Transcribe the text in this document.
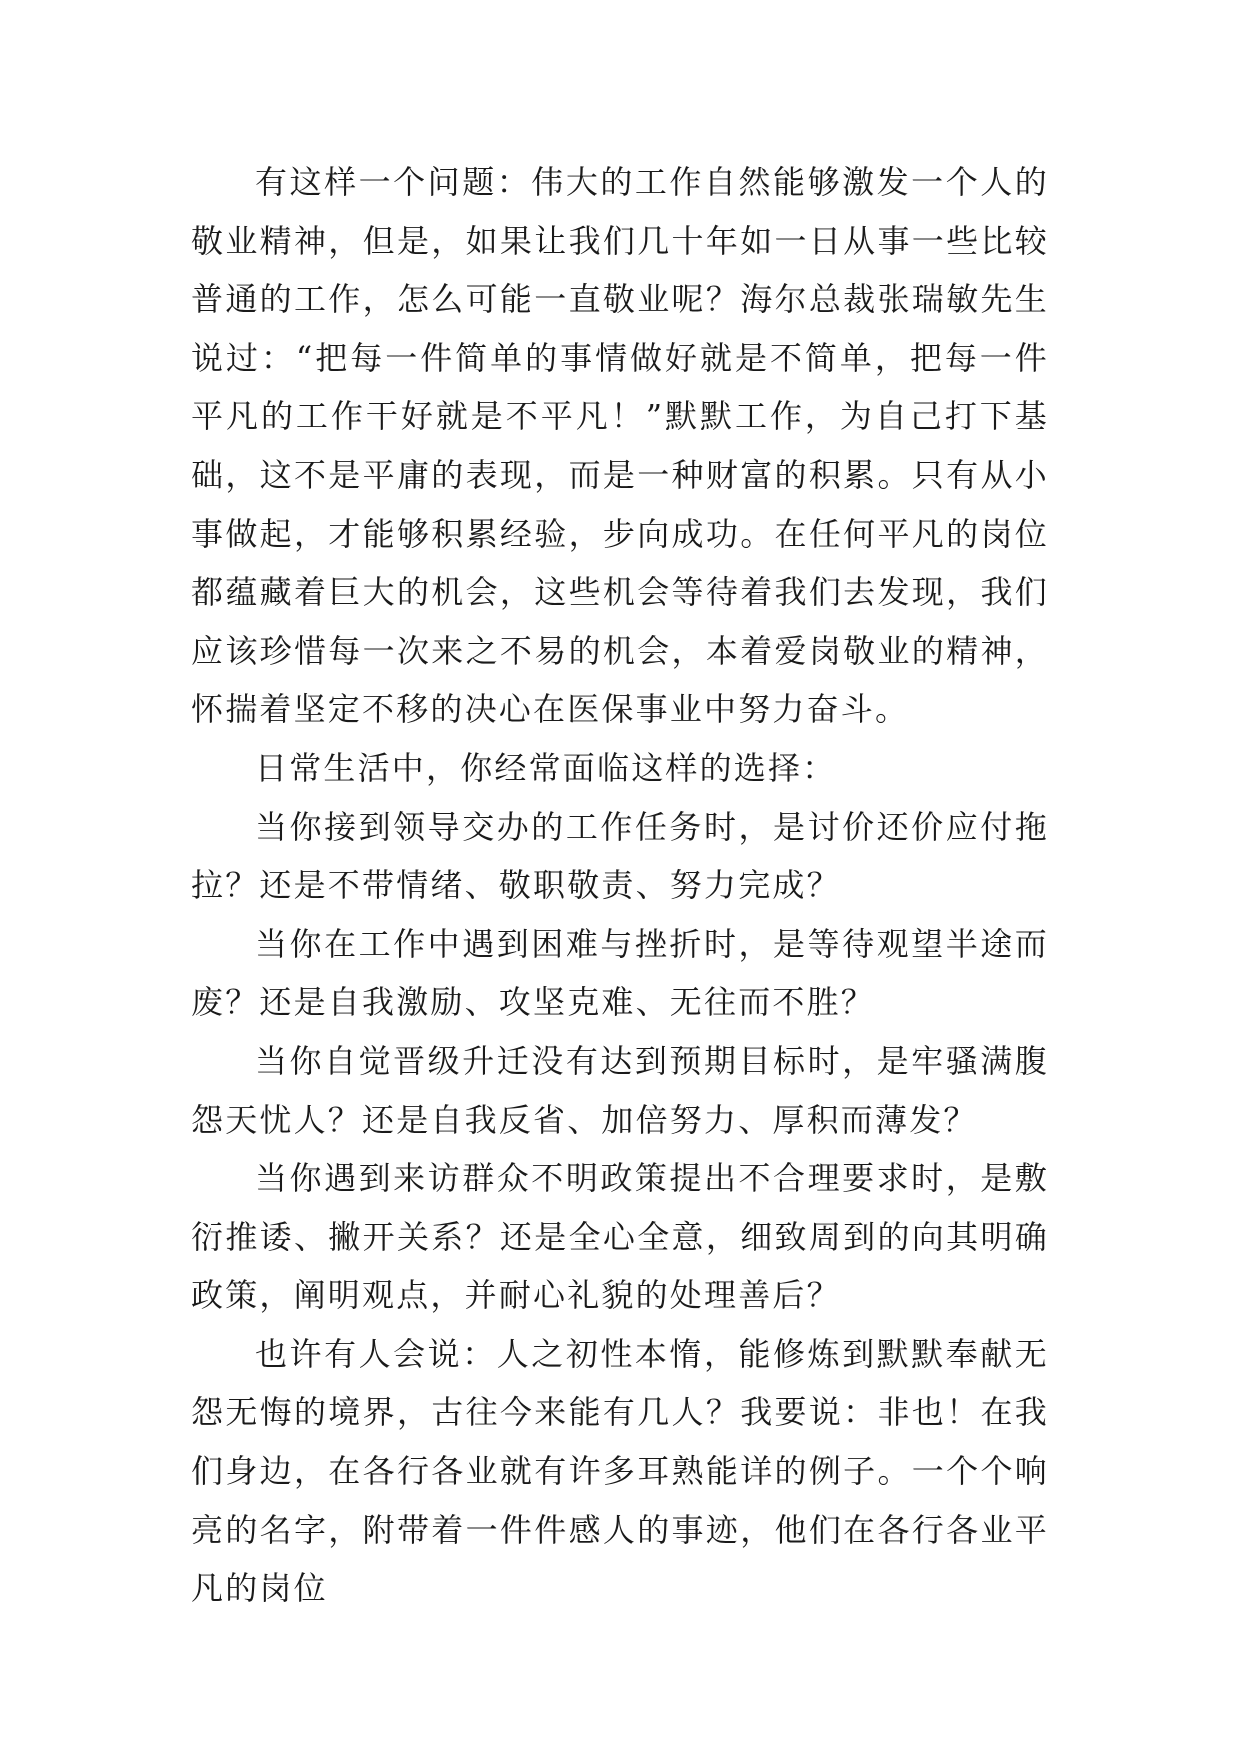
有这样一个问题：伟大的工作自然能够激发一个人的敬业精神，但是，如果让我们几十年如一日从事一些比较普通的工作，怎么可能一直敬业呢？海尔总裁张瑞敏先生说过：“把每一件简单的事情做好就是不简单，把每一件平凡的工作干好就是不平凡！”默默工作，为自己打下基础，这不是平庸的表现，而是一种财富的积累。只有从小事做起，才能够积累经验，步向成功。在任何平凡的岗位都蕴藏着巨大的机会，这些机会等待着我们去发现，我们应该珍惜每一次来之不易的机会，本着爱岗敬业的精神，怀揣着坚定不移的决心在医保事业中努力奋斗。

日常生活中，你经常面临这样的选择：

当你接到领导交办的工作任务时，是讨价还价应付拖拉？还是不带情绪、敬职敬责、努力完成？

当你在工作中遇到困难与挫折时，是等待观望半途而废？还是自我激励、攻坚克难、无往而不胜？

当你自觉晋级升迁没有达到预期目标时，是牢骚满腹怨天忧人？还是自我反省、加倍努力、厚积而薄发？

当你遇到来访群众不明政策提出不合理要求时，是敷衍推诿、撇开关系？还是全心全意，细致周到的向其明确政策，阐明观点，并耐心礼貌的处理善后？

也许有人会说：人之初性本惰，能修炼到默默奉献无怨无悔的境界，古往今来能有几人？我要说：非也！在我们身边，在各行各业就有许多耳熟能详的例子。一个个响亮的名字，附带着一件件感人的事迹，他们在各行各业平凡的岗位
